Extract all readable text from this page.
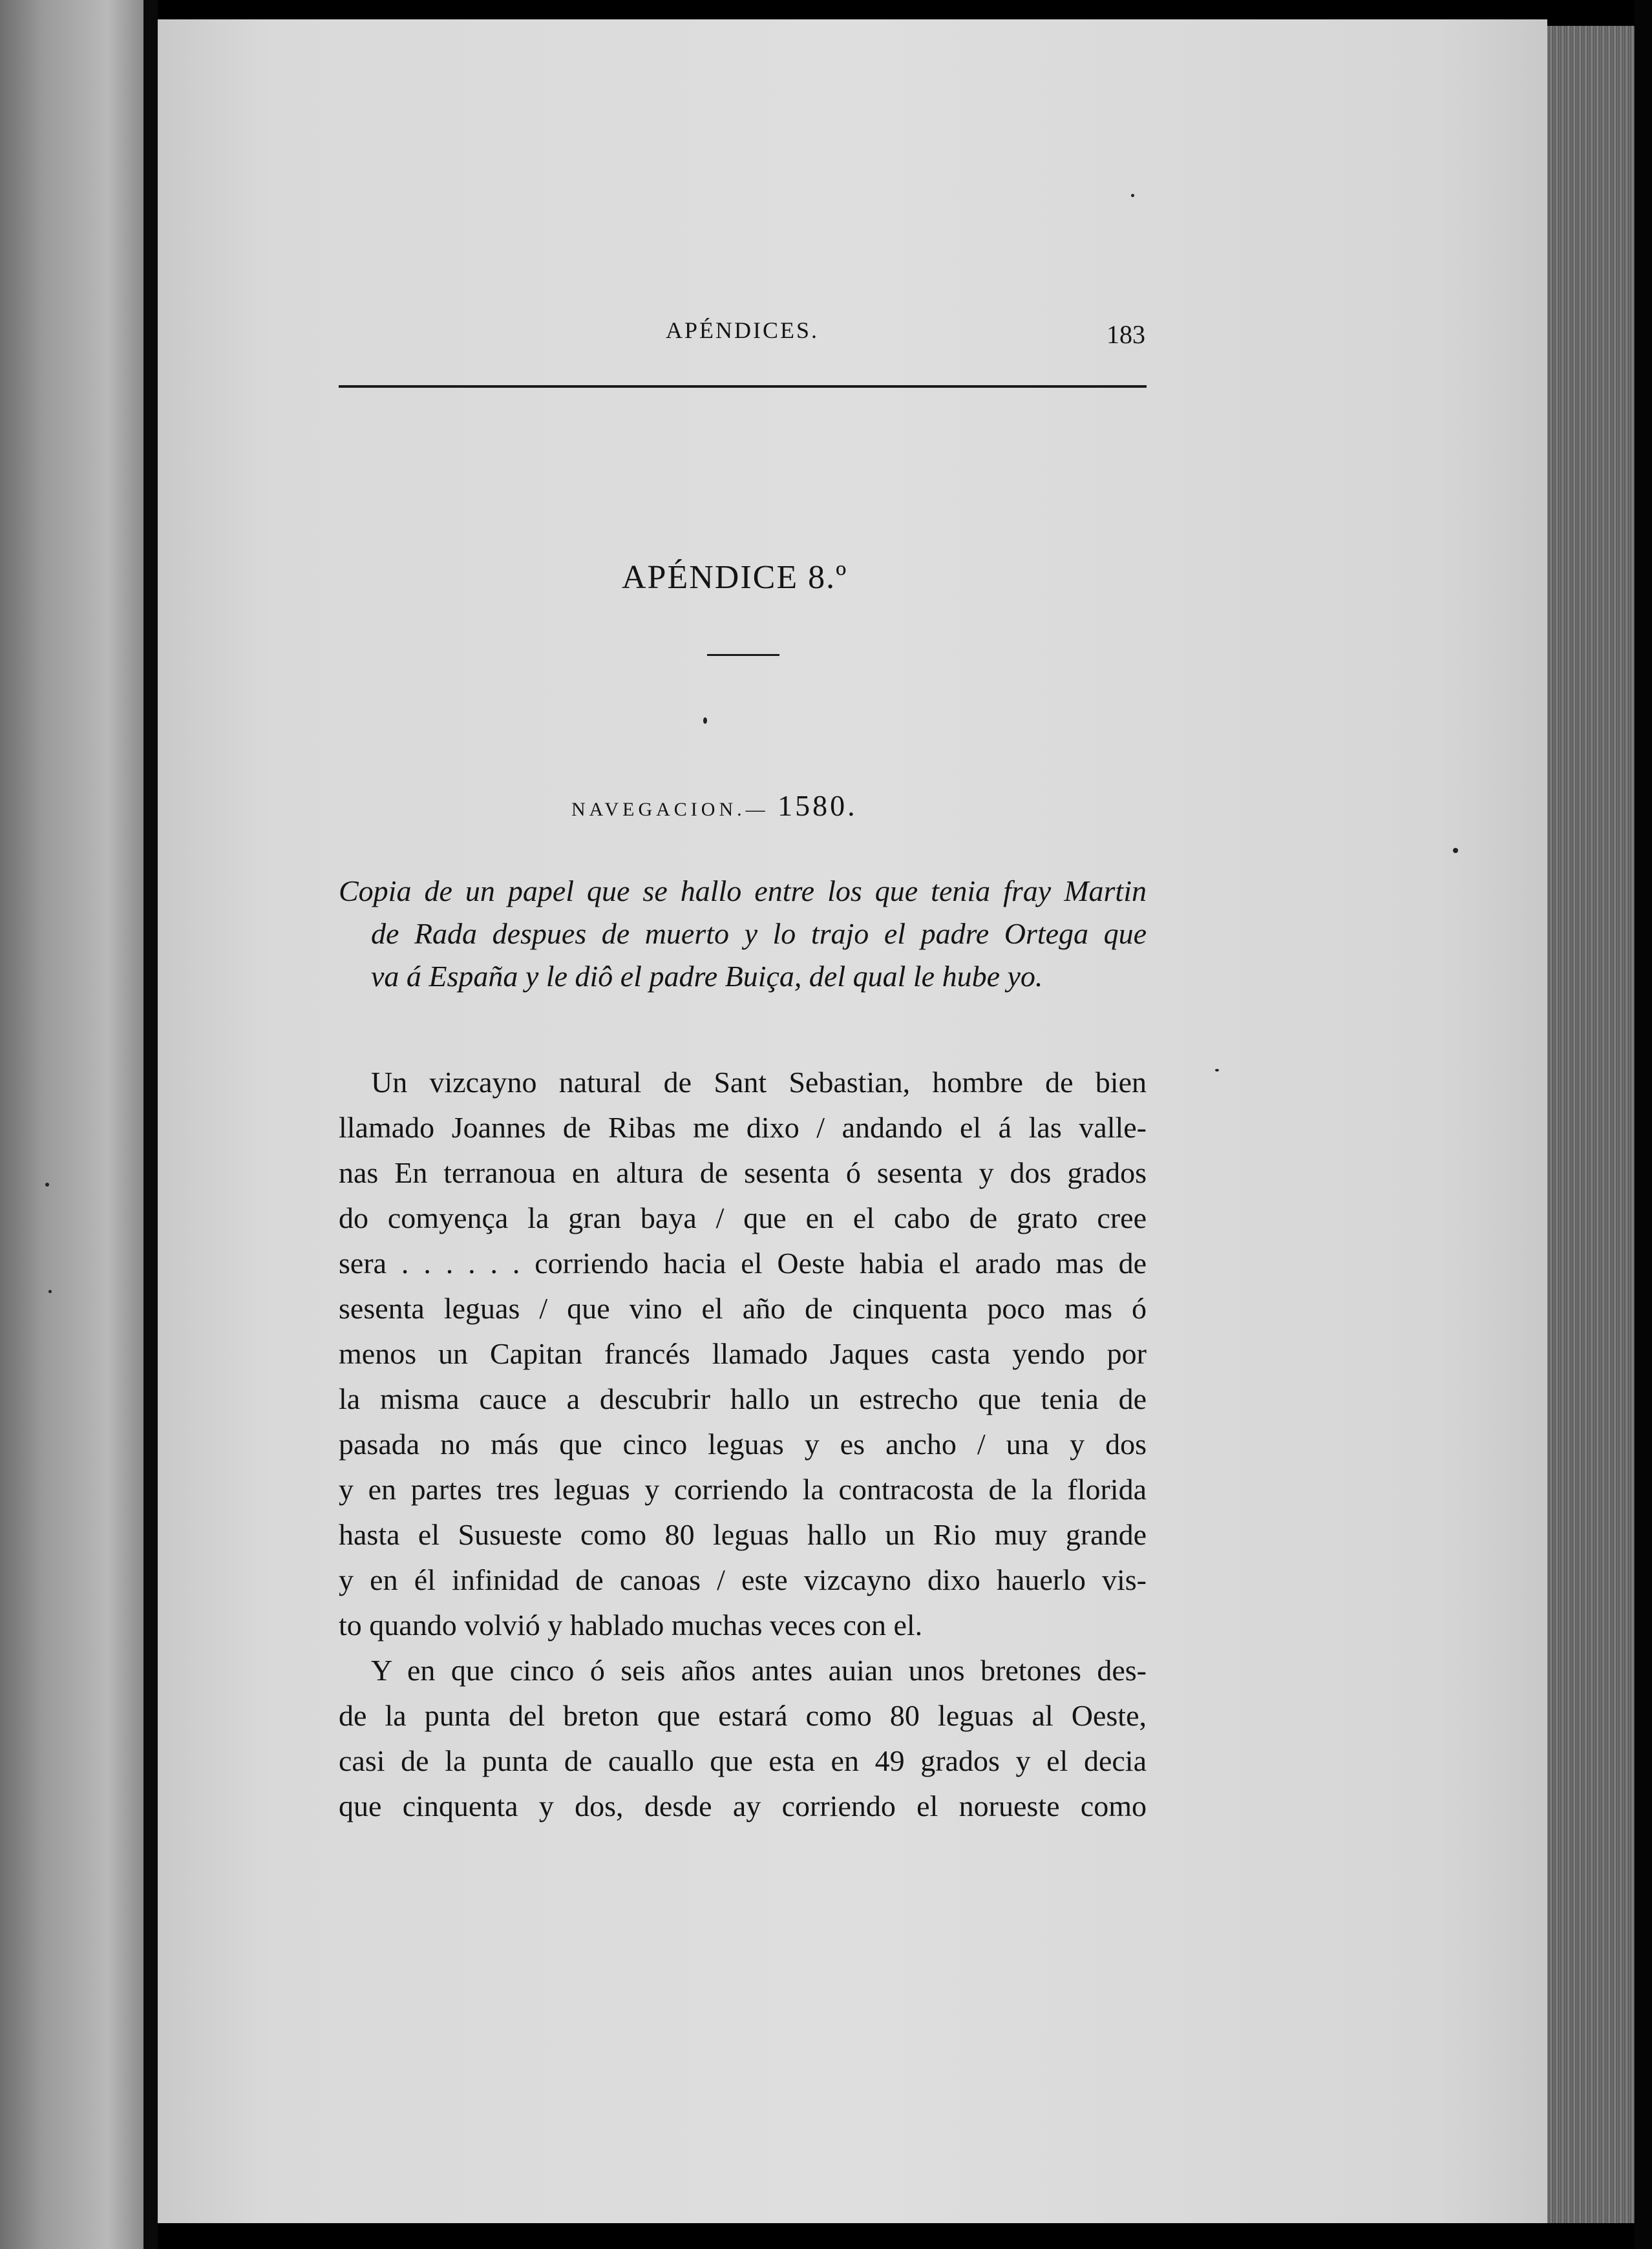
APÉNDICES.	183
APÉNDICE 8.º
NAVEGACION.— 1580.
Copia de un papel que se hallo entre los que tenia fray Martin
de Rada despues de muerto y lo trajo el padre Ortega que
va á España y le diô el padre Buiça, del qual le hube yo.
Un vizcayno natural de Sant Sebastian, hombre de bien
llamado Joannes de Ribas me dixo / andando el á las valle-
nas En terranoua en altura de sesenta ó sesenta y dos grados
do comyença la gran baya / que en el cabo de grato cree
sera . . . . . . corriendo hacia el Oeste habia el arado mas de
sesenta leguas / que vino el año de cinquenta poco mas ó
menos un Capitan francés llamado Jaques casta yendo por
la misma cauce a descubrir hallo un estrecho que tenia de
pasada no más que cinco leguas y es ancho / una y dos
y en partes tres leguas y corriendo la contracosta de la florida
hasta el Susueste como 80 leguas hallo un Rio muy grande
y en él infinidad de canoas / este vizcayno dixo hauerlo vis-
to quando volvió y hablado muchas veces con el.
Y en que cinco ó seis años antes auian unos bretones des-
de la punta del breton que estará como 80 leguas al Oeste,
casi de la punta de cauallo que esta en 49 grados y el decia
que cinquenta y dos, desde ay corriendo el norueste como
